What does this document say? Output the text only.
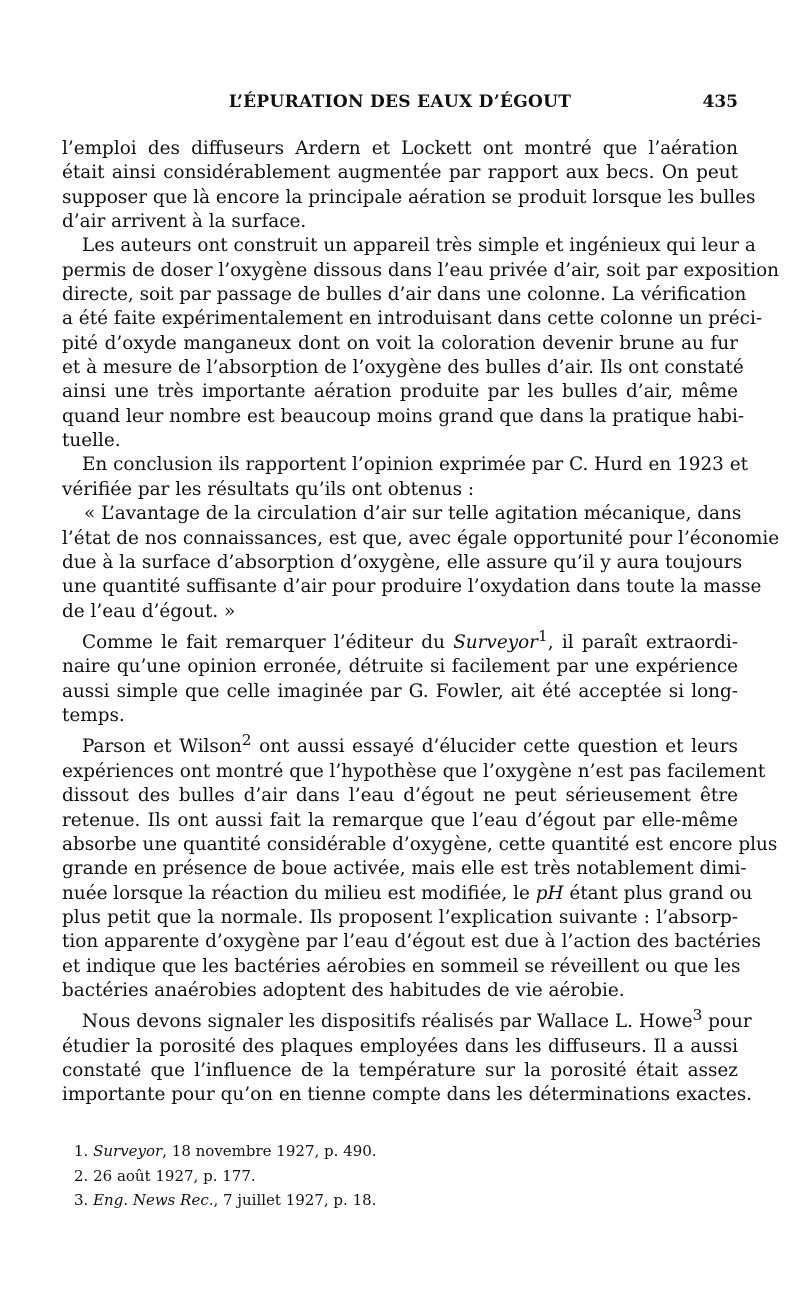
L’ÉPURATION DES EAUX D’ÉGOUT	435
l’emploi des diffuseurs Ardern et Lockett ont montré que l’aération
était ainsi considérablement augmentée par rapport aux becs. On peut
supposer que là encore la principale aération se produit lorsque les bulles
d’air arrivent à la surface.
Les auteurs ont construit un appareil très simple et ingénieux qui leur a
permis de doser l’oxygène dissous dans l’eau privée d’air, soit par exposition
directe, soit par passage de bulles d’air dans une colonne. La vérification
a été faite expérimentalement en introduisant dans cette colonne un préci-
pité d’oxyde manganeux dont on voit la coloration devenir brune au fur
et à mesure de l’absorption de l’oxygène des bulles d’air. Ils ont constaté
ainsi une très importante aération produite par les bulles d’air, même
quand leur nombre est beaucoup moins grand que dans la pratique habi-
tuelle.
En conclusion ils rapportent l’opinion exprimée par C. Hurd en 1923 et
vérifiée par les résultats qu’ils ont obtenus :
« L’avantage de la circulation d’air sur telle agitation mécanique, dans
l’état de nos connaissances, est que, avec égale opportunité pour l’économie
due à la surface d’absorption d’oxygène, elle assure qu’il y aura toujours
une quantité suffisante d’air pour produire l’oxydation dans toute la masse
de l’eau d’égout. »
Comme le fait remarquer l’éditeur du Surveyor$^1$, il paraît extraordi-
naire qu’une opinion erronée, détruite si facilement par une expérience
aussi simple que celle imaginée par G. Fowler, ait été acceptée si long-
temps.
Parson et Wilson$^2$ ont aussi essayé d’élucider cette question et leurs
expériences ont montré que l’hypothèse que l’oxygène n’est pas facilement
dissout des bulles d’air dans l’eau d’égout ne peut sérieusement être
retenue. Ils ont aussi fait la remarque que l’eau d’égout par elle-même
absorbe une quantité considérable d’oxygène, cette quantité est encore plus
grande en présence de boue activée, mais elle est très notablement dimi-
nuée lorsque la réaction du milieu est modifiée, le pH étant plus grand ou
plus petit que la normale. Ils proposent l’explication suivante : l’absorp-
tion apparente d’oxygène par l’eau d’égout est due à l’action des bactéries
et indique que les bactéries aérobies en sommeil se réveillent ou que les
bactéries anaérobies adoptent des habitudes de vie aérobie.
Nous devons signaler les dispositifs réalisés par Wallace L. Howe$^3$ pour
étudier la porosité des plaques employées dans les diffuseurs. Il a aussi
constaté que l’influence de la température sur la porosité était assez
importante pour qu’on en tienne compte dans les déterminations exactes.
1. Surveyor, 18 novembre 1927, p. 490.
2. 26 août 1927, p. 177.
3. Eng. News Rec., 7 juillet 1927, p. 18.
